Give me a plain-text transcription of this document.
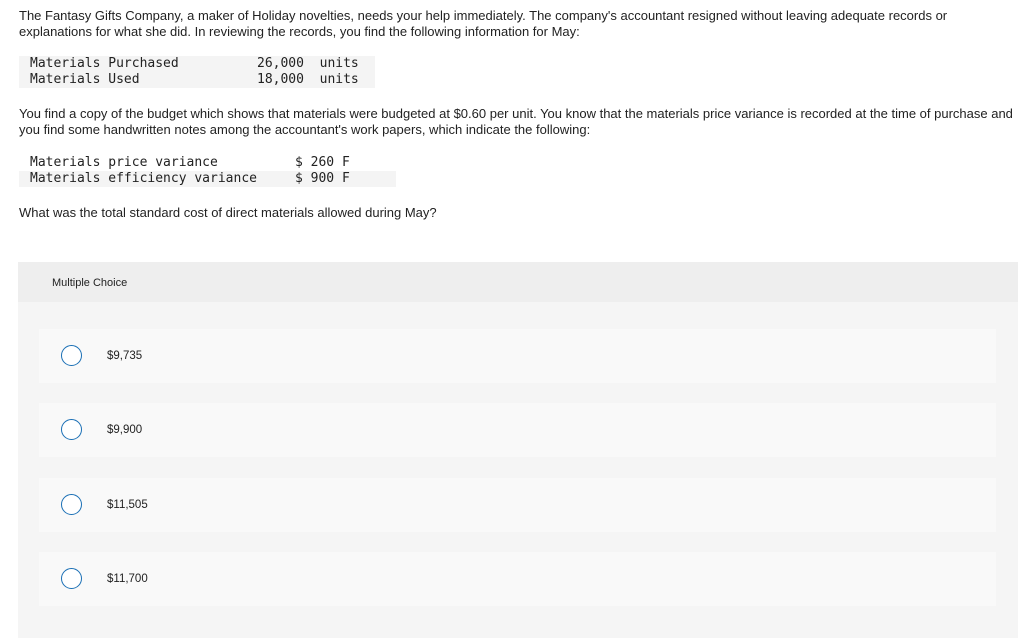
The Fantasy Gifts Company, a maker of Holiday novelties, needs your help immediately. The company's accountant resigned without leaving adequate records or explanations for what she did. In reviewing the records, you find the following information for May:

Materials Purchased	26,000  units
Materials Used	18,000  units

You find a copy of the budget which shows that materials were budgeted at $0.60 per unit. You know that the materials price variance is recorded at the time of purchase and you find some handwritten notes among the accountant's work papers, which indicate the following:

Materials price variance	$ 260 F
Materials efficiency variance	$ 900 F

What was the total standard cost of direct materials allowed during May?

Multiple Choice
$9,735
$9,900
$11,505
$11,700
